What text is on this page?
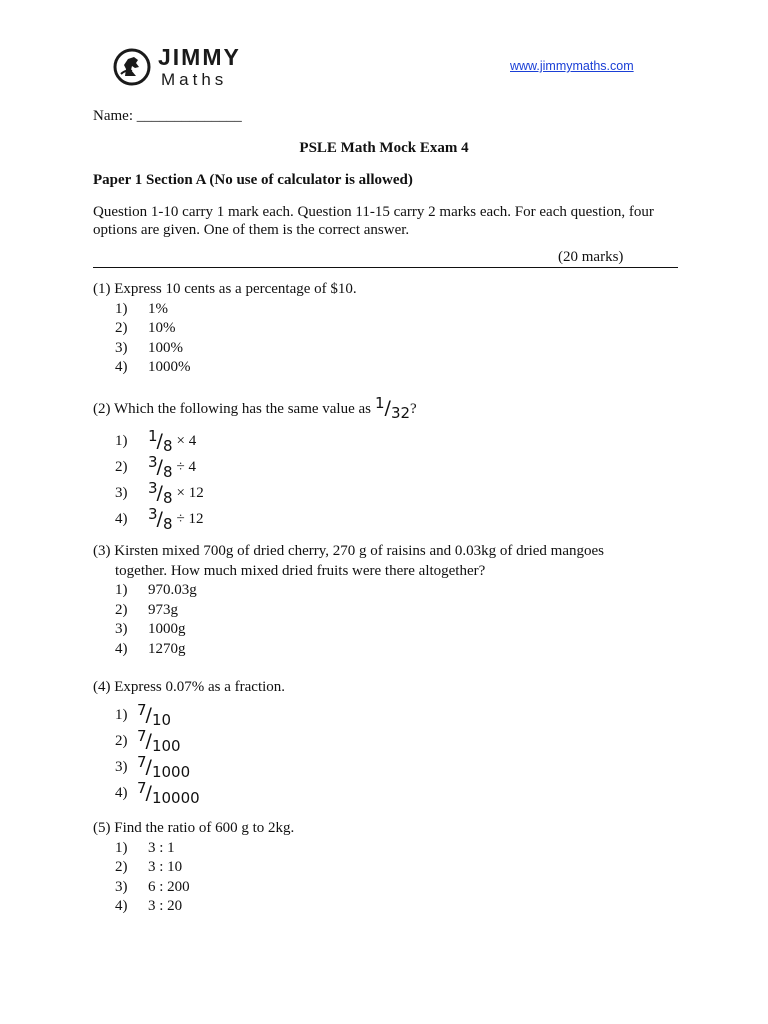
JIMMY
Maths
www.jimmymaths.com
Name: ______________
PSLE Math Mock Exam 4
Paper 1 Section A (No use of calculator is allowed)
Question 1-10 carry 1 mark each. Question 11-15 carry 2 marks each. For each question, four options are given. One of them is the correct answer.
(20 marks)
(1) Express 10 cents as a percentage of $10.
1)	1%
2)	10%
3)	100%
4)	1000%
(2) Which the following has the same value as 1 / 32 ?
1)	1 / 8 × 4
2)	3 / 8 ÷ 4
3)	3 / 8 × 12
4)	3 / 8 ÷ 12
(3) Kirsten mixed 700g of dried cherry, 270 g of raisins and 0.03kg of dried mangoes
together. How much mixed dried fruits were there altogether?
1)	970.03g
2)	973g
3)	1000g
4)	1270g
(4) Express 0.07% as a fraction.
1) 7 / 10
2) 7 / 100
3) 7 / 1000
4) 7 / 10000
(5) Find the ratio of 600 g to 2kg.
1)	3 : 1
2)	3 : 10
3)	6 : 200
4)	3 : 20
